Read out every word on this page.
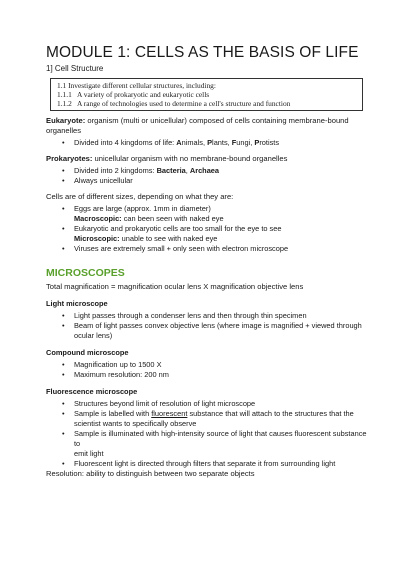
MODULE 1: CELLS AS THE BASIS OF LIFE
1] Cell Structure
1.1 Investigate different cellular structures, including:
1.1.1 A variety of prokaryotic and eukaryotic cells
1.1.2 A range of technologies used to determine a cell's structure and function

Eukaryote: organism (multi or unicellular) composed of cells containing membrane-bound organelles

• Divided into 4 kingdoms of life: Animals, Plants, Fungi, Protists

Prokaryotes: unicellular organism with no membrane-bound organelles

• Divided into 2 kingdoms: Bacteria, Archaea
• Always unicellular

Cells are of different sizes, depending on what they are:

• Eggs are large (approx. 1mm in diameter)
Macroscopic: can been seen with naked eye
• Eukaryotic and prokaryotic cells are too small for the eye to see
Microscopic: unable to see with naked eye
• Viruses are extremely small + only seen with electron microscope
MICROSCOPES

Total magnification = magnification ocular lens X magnification objective lens

Light microscope
• Light passes through a condenser lens and then through thin specimen
• Beam of light passes convex objective lens (where image is magnified + viewed through
ocular lens)
Compound microscope
• Magnification up to 1500 X
• Maximum resolution: 200 nm
Fluorescence microscope
• Structures beyond limit of resolution of light microscope
• Sample is labelled with fluorescent substance that will attach to the structures that the
scientist wants to specifically observe
• Sample is illuminated with high-intensity source of light that causes fluorescent substance to
emit light
• Fluorescent light is directed through filters that separate it from surrounding light

Resolution: ability to distinguish between two separate objects
